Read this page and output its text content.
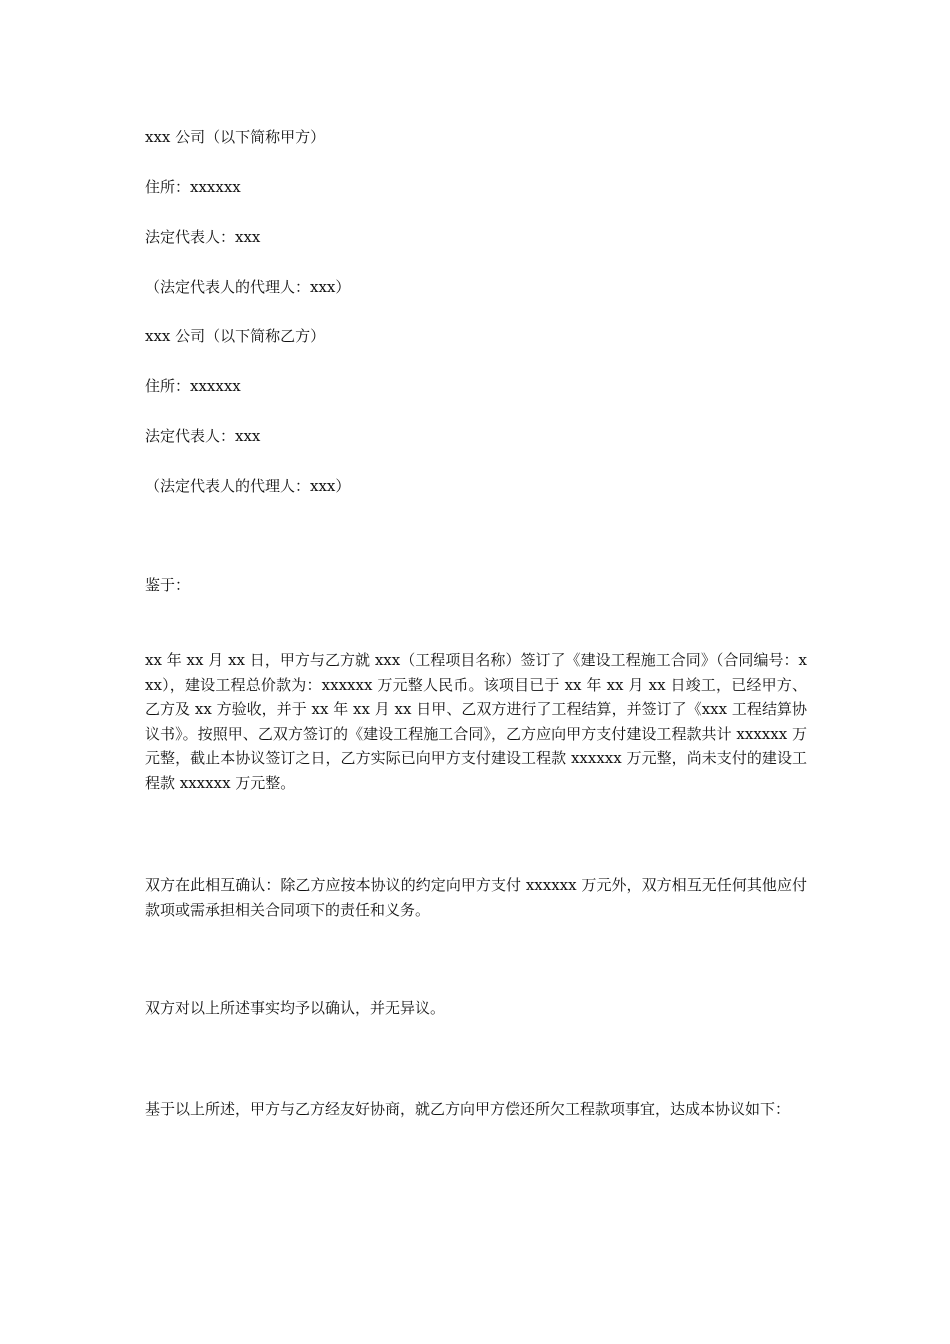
xxx 公司（以下简称甲方）
住所：xxxxxx
法定代表人：xxx
（法定代表人的代理人：xxx）
xxx 公司（以下简称乙方）
住所：xxxxxx
法定代表人：xxx
（法定代表人的代理人：xxx）
鉴于：
xx 年 xx 月 xx 日，甲方与乙方就 xxx（工程项目名称）签订了《建设工程施工合同》（合同编号：xxx），建设工程总价款为：xxxxxx 万元整人民币。该项目已于 xx 年 xx 月 xx 日竣工，已经甲方、乙方及 xx 方验收，并于 xx 年 xx 月 xx 日甲、乙双方进行了工程结算，并签订了《xxx 工程结算协议书》。按照甲、乙双方签订的《建设工程施工合同》，乙方应向甲方支付建设工程款共计 xxxxxx 万元整，截止本协议签订之日，乙方实际已向甲方支付建设工程款 xxxxxx 万元整，尚未支付的建设工程款 xxxxxx 万元整。
双方在此相互确认：除乙方应按本协议的约定向甲方支付 xxxxxx 万元外，双方相互无任何其他应付款项或需承担相关合同项下的责任和义务。
双方对以上所述事实均予以确认，并无异议。
基于以上所述，甲方与乙方经友好协商，就乙方向甲方偿还所欠工程款项事宜，达成本协议如下：
